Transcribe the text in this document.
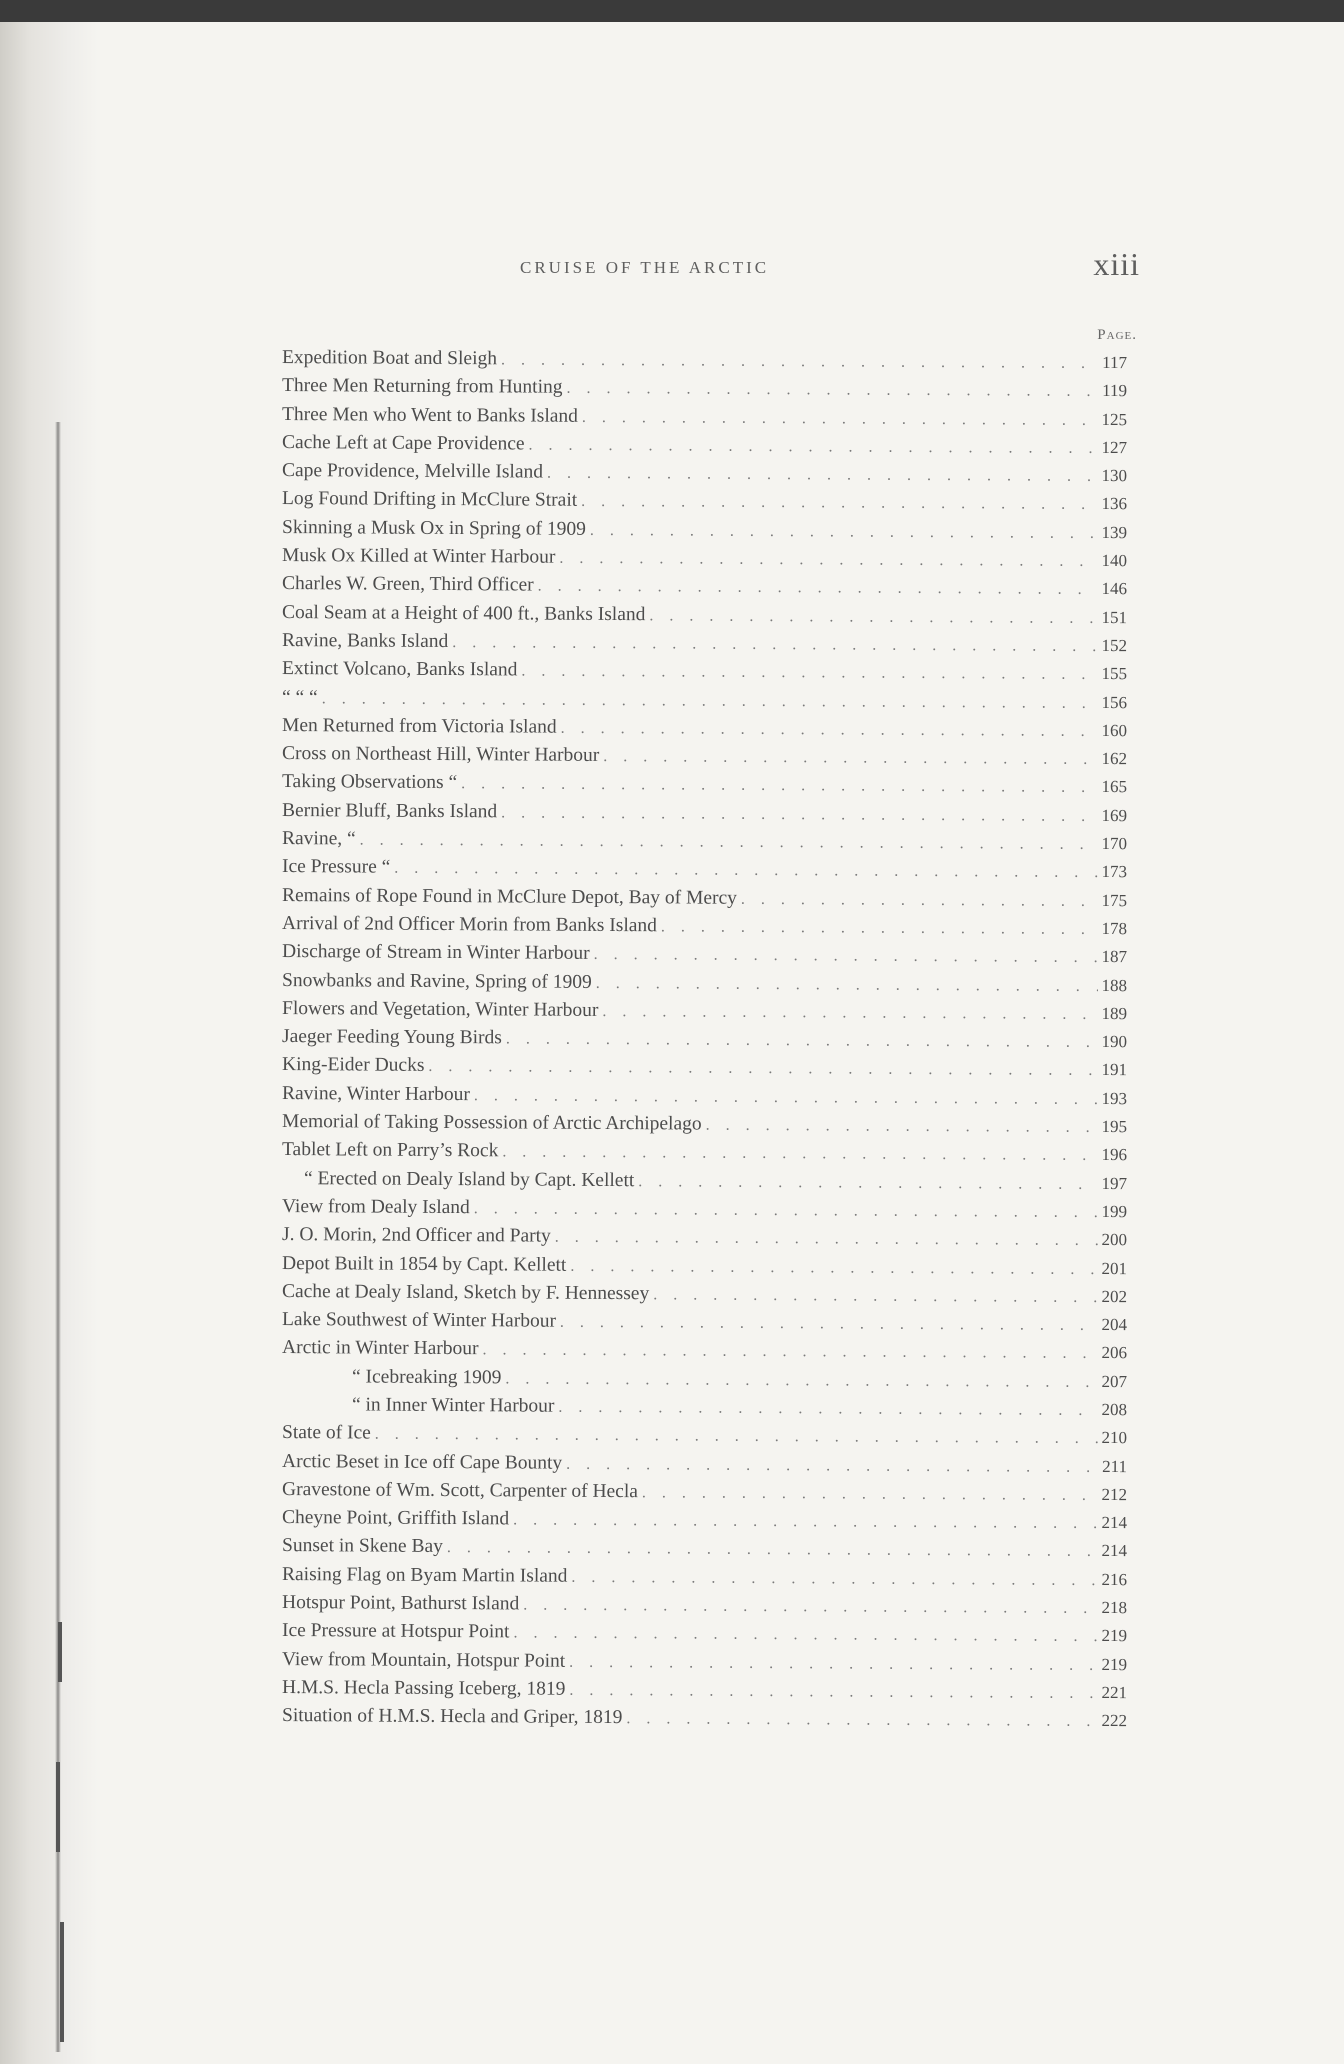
CRUISE OF THE ARCTIC	xiii
Page.
Expedition Boat and Sleigh . . .	117
Three Men Returning from Hunting . . .	119
Three Men who Went to Banks Island . . .	125
Cache Left at Cape Providence . . .	127
Cape Providence, Melville Island . . .	130
Log Found Drifting in McClure Strait . . .	136
Skinning a Musk Ox in Spring of 1909 . . .	139
Musk Ox Killed at Winter Harbour . . .	140
Charles W. Green, Third Officer . . .	146
Coal Seam at a Height of 400 ft., Banks Island . . .	151
Ravine, Banks Island . . .	152
Extinct Volcano, Banks Island . . .	155
“ “ “ . . .	156
Men Returned from Victoria Island . . .	160
Cross on Northeast Hill, Winter Harbour . . .	162
Taking Observations “ . . .	165
Bernier Bluff, Banks Island . . .	169
Ravine, “ . . .	170
Ice Pressure “ . . .	173
Remains of Rope Found in McClure Depot, Bay of Mercy . . .	175
Arrival of 2nd Officer Morin from Banks Island . . .	178
Discharge of Stream in Winter Harbour . . .	187
Snowbanks and Ravine, Spring of 1909 . . .	188
Flowers and Vegetation, Winter Harbour . . .	189
Jaeger Feeding Young Birds . . .	190
King-Eider Ducks . . .	191
Ravine, Winter Harbour . . .	193
Memorial of Taking Possession of Arctic Archipelago . . .	195
Tablet Left on Parry’s Rock . . .	196
“ Erected on Dealy Island by Capt. Kellett . . .	197
View from Dealy Island . . .	199
J. O. Morin, 2nd Officer and Party . . .	200
Depot Built in 1854 by Capt. Kellett . . .	201
Cache at Dealy Island, Sketch by F. Hennessey . . .	202
Lake Southwest of Winter Harbour . . .	204
Arctic in Winter Harbour . . .	206
“ Icebreaking 1909 . . .	207
“ in Inner Winter Harbour . . .	208
State of Ice . . .	210
Arctic Beset in Ice off Cape Bounty . . .	211
Gravestone of Wm. Scott, Carpenter of Hecla . . .	212
Cheyne Point, Griffith Island . . .	214
Sunset in Skene Bay . . .	214
Raising Flag on Byam Martin Island . . .	216
Hotspur Point, Bathurst Island . . .	218
Ice Pressure at Hotspur Point . . .	219
View from Mountain, Hotspur Point . . .	219
H.M.S. Hecla Passing Iceberg, 1819 . . .	221
Situation of H.M.S. Hecla and Griper, 1819 . . .	222
